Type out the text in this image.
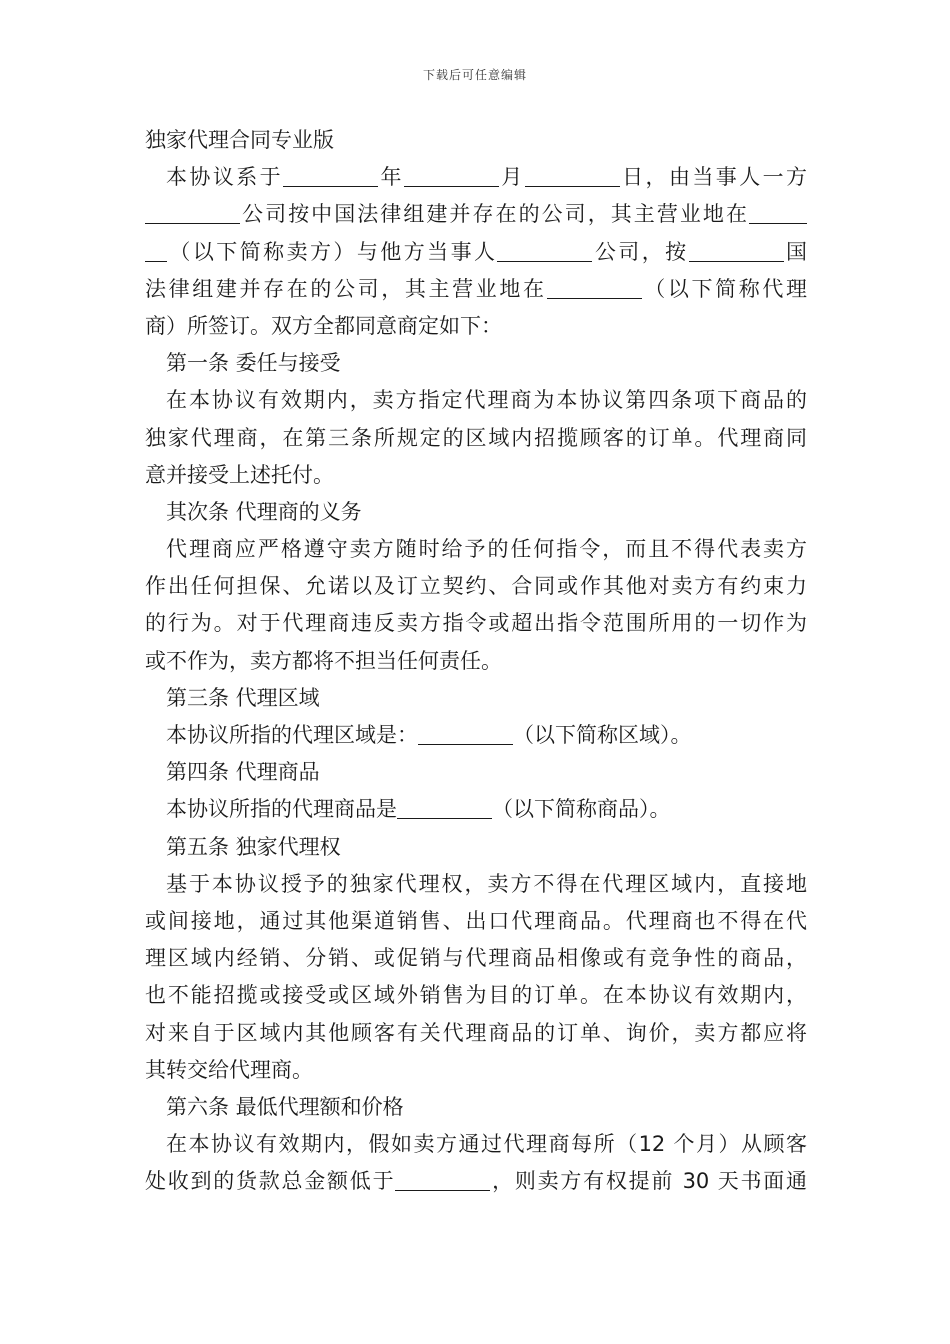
下载后可任意编辑
独家代理合同专业版
本协议系于	年	月	日，由当事人一方
公司按中国法律组建并存在的公司，其主营业地在
（以下简称卖方）与他方当事人	公司，按	国
法律组建并存在的公司，其主营业地在	（以下简称代理
商）所签订。双方全都同意商定如下：
第一条 委任与接受
在本协议有效期内，卖方指定代理商为本协议第四条项下商品的
独家代理商，在第三条所规定的区域内招揽顾客的订单。代理商同
意并接受上述托付。
其次条 代理商的义务
代理商应严格遵守卖方随时给予的任何指令，而且不得代表卖方
作出任何担保、允诺以及订立契约、合同或作其他对卖方有约束力
的行为。对于代理商违反卖方指令或超出指令范围所用的一切作为
或不作为，卖方都将不担当任何责任。
第三条 代理区域
本协议所指的代理区域是：	（以下简称区域）。
第四条 代理商品
本协议所指的代理商品是	（以下简称商品）。
第五条 独家代理权
基于本协议授予的独家代理权，卖方不得在代理区域内，直接地
或间接地，通过其他渠道销售、出口代理商品。代理商也不得在代
理区域内经销、分销、或促销与代理商品相像或有竞争性的商品，
也不能招揽或接受或区域外销售为目的订单。在本协议有效期内，
对来自于区域内其他顾客有关代理商品的订单、询价，卖方都应将
其转交给代理商。
第六条 最低代理额和价格
在本协议有效期内，假如卖方通过代理商每所（12 个月）从顾客
处收到的货款总金额低于	，则卖方有权提前 30 天书面通
